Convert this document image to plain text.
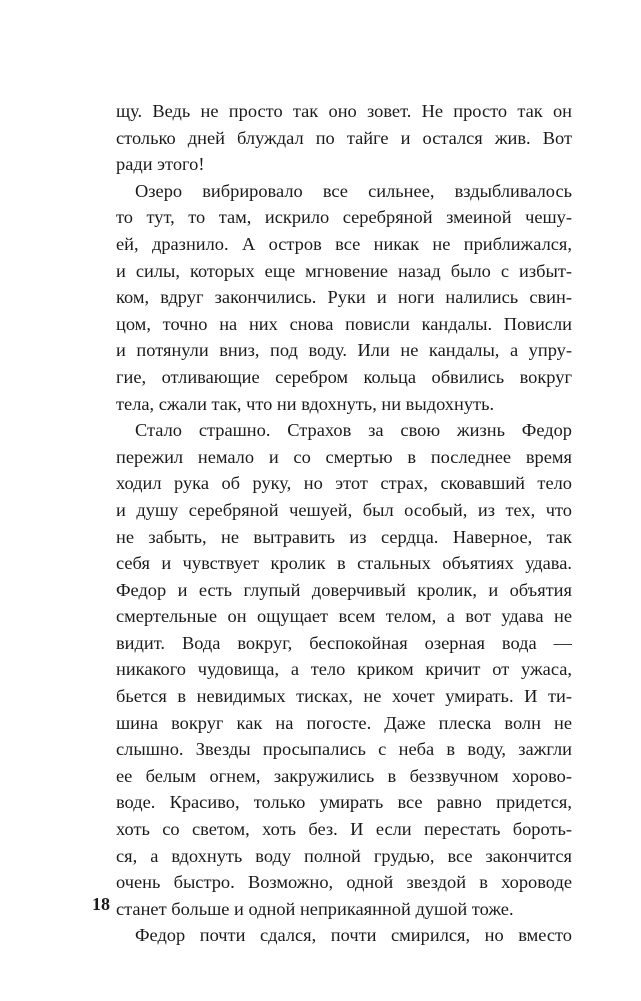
щу. Ведь не просто так оно зовет. Не просто так он
столько дней блуждал по тайге и остался жив. Вот
ради этого!
Озеро вибрировало все сильнее, вздыбливалось
то тут, то там, искрило серебряной змеиной чешу-
ей, дразнило. А остров все никак не приближался,
и силы, которых еще мгновение назад было с избыт-
ком, вдруг закончились. Руки и ноги налились свин-
цом, точно на них снова повисли кандалы. Повисли
и потянули вниз, под воду. Или не кандалы, а упру-
гие, отливающие серебром кольца обвились вокруг
тела, сжали так, что ни вдохнуть, ни выдохнуть.
Стало страшно. Страхов за свою жизнь Федор
пережил немало и со смертью в последнее время
ходил рука об руку, но этот страх, сковавший тело
и душу серебряной чешуей, был особый, из тех, что
не забыть, не вытравить из сердца. Наверное, так
себя и чувствует кролик в стальных объятиях удава.
Федор и есть глупый доверчивый кролик, и объятия
смертельные он ощущает всем телом, а вот удава не
видит. Вода вокруг, беспокойная озерная вода —
никакого чудовища, а тело криком кричит от ужаса,
бьется в невидимых тисках, не хочет умирать. И ти-
шина вокруг как на погосте. Даже плеска волн не
слышно. Звезды просыпались с неба в воду, зажгли
ее белым огнем, закружились в беззвучном хорово-
воде. Красиво, только умирать все равно придется,
хоть со светом, хоть без. И если перестать бороть-
ся, а вдохнуть воду полной грудью, все закончится
очень быстро. Возможно, одной звездой в хороводе
станет больше и одной неприкаянной душой тоже.
Федор почти сдался, почти смирился, но вместо
18
